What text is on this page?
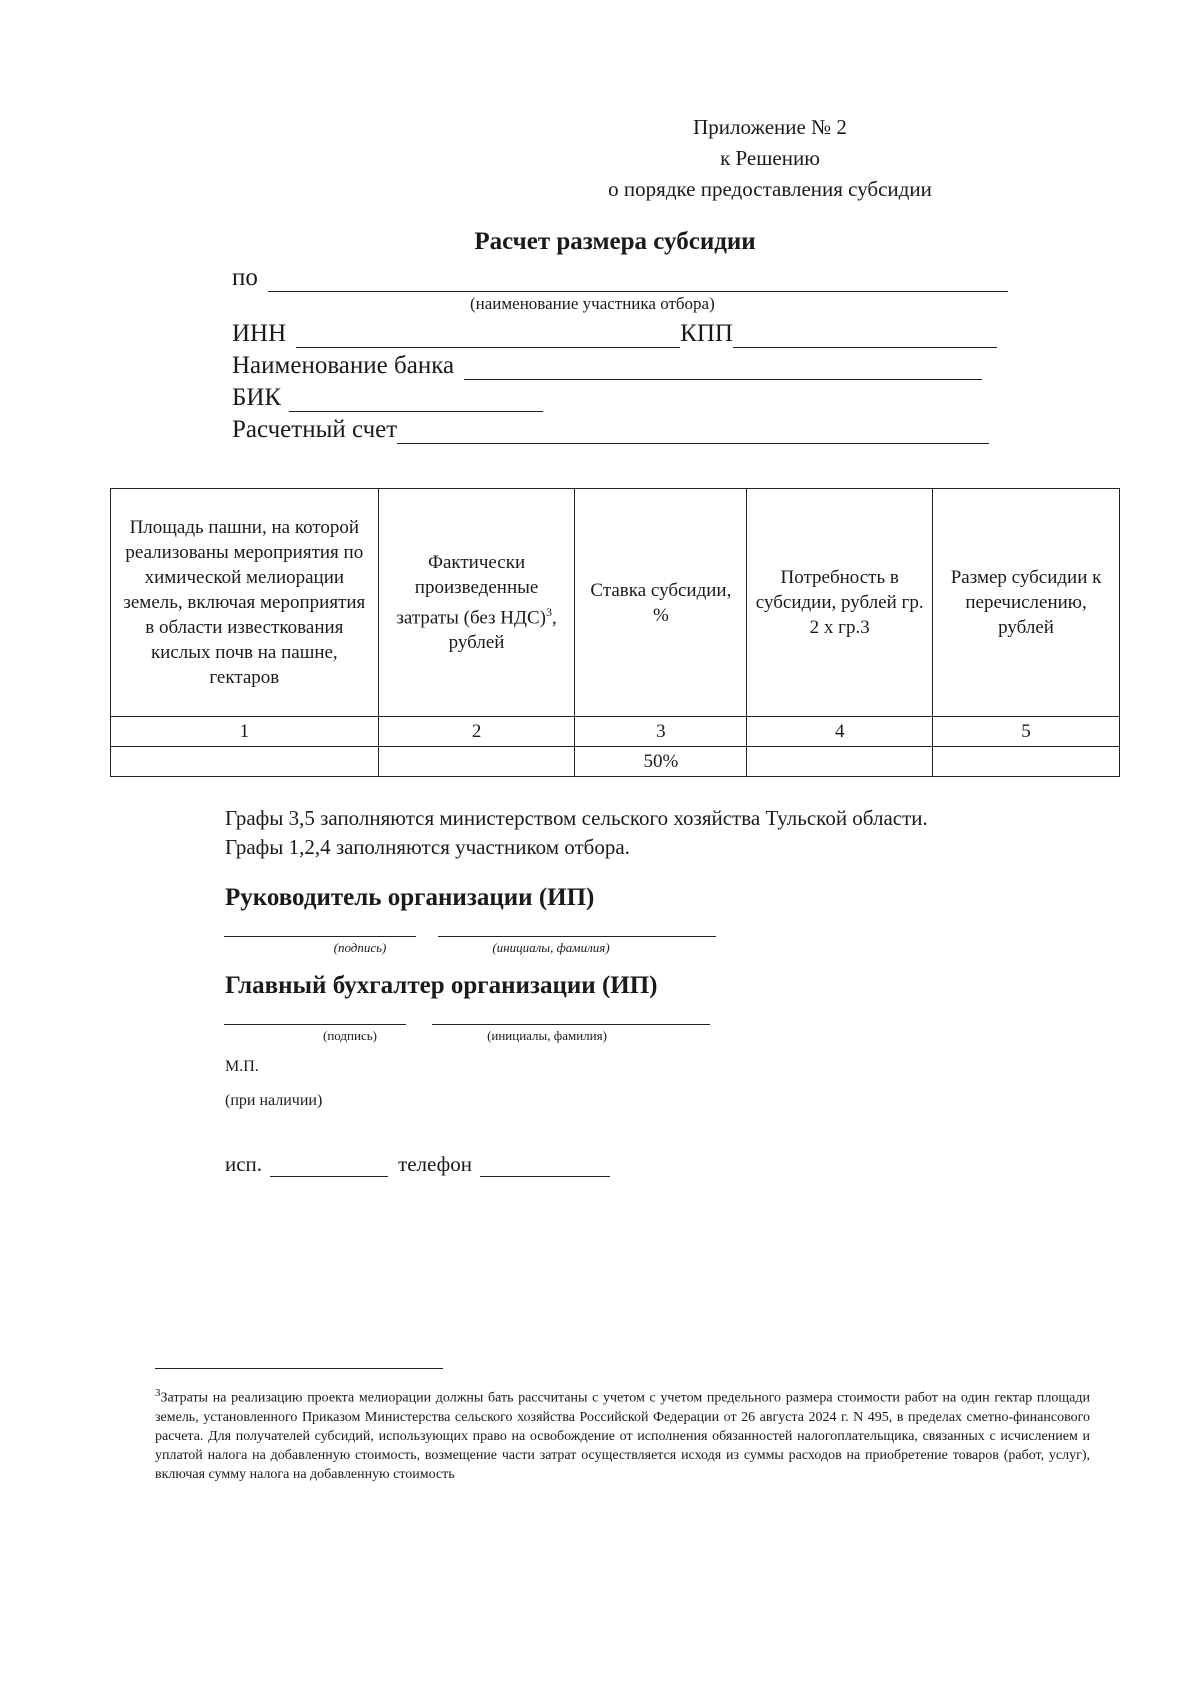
Приложение № 2
к Решению
о порядке предоставления субсидии
Расчет размера субсидии
по
(наименование участника отбора)
ИНН	КПП
Наименование банка
БИК
Расчетный счет
Площадь пашни, на которой реализованы мероприятия по химической мелиорации земель, включая мероприятия в области известкования кислых почв на пашне, гектаров	Фактически произведенные затраты (без НДС)$^3$, рублей	Ставка субсидии, %	Потребность в субсидии, рублей гр. 2 х гр.3	Размер субсидии к перечислению, рублей
1	2	3	4	5
		50%		
Графы 3,5 заполняются министерством сельского хозяйства Тульской области.
Графы 1,2,4 заполняются участником отбора.
Руководитель организации (ИП)
(подпись)	(инициалы, фамилия)
Главный бухгалтер организации (ИП)
(подпись)	(инициалы, фамилия)
М.П.
(при наличии)
исп.	телефон
$^3$Затраты на реализацию проекта мелиорации должны бать рассчитаны с учетом с учетом предельного размера стоимости работ на один гектар площади земель, установленного Приказом Министерства сельского хозяйства Российской Федерации от 26 августа 2024 г. N 495, в пределах сметно-финансового расчета. Для получателей субсидий, использующих право на освобождение от исполнения обязанностей налогоплательщика, связанных с исчислением и уплатой налога на добавленную стоимость, возмещение части затрат осуществляется исходя из суммы расходов на приобретение товаров (работ, услуг), включая сумму налога на добавленную стоимость
